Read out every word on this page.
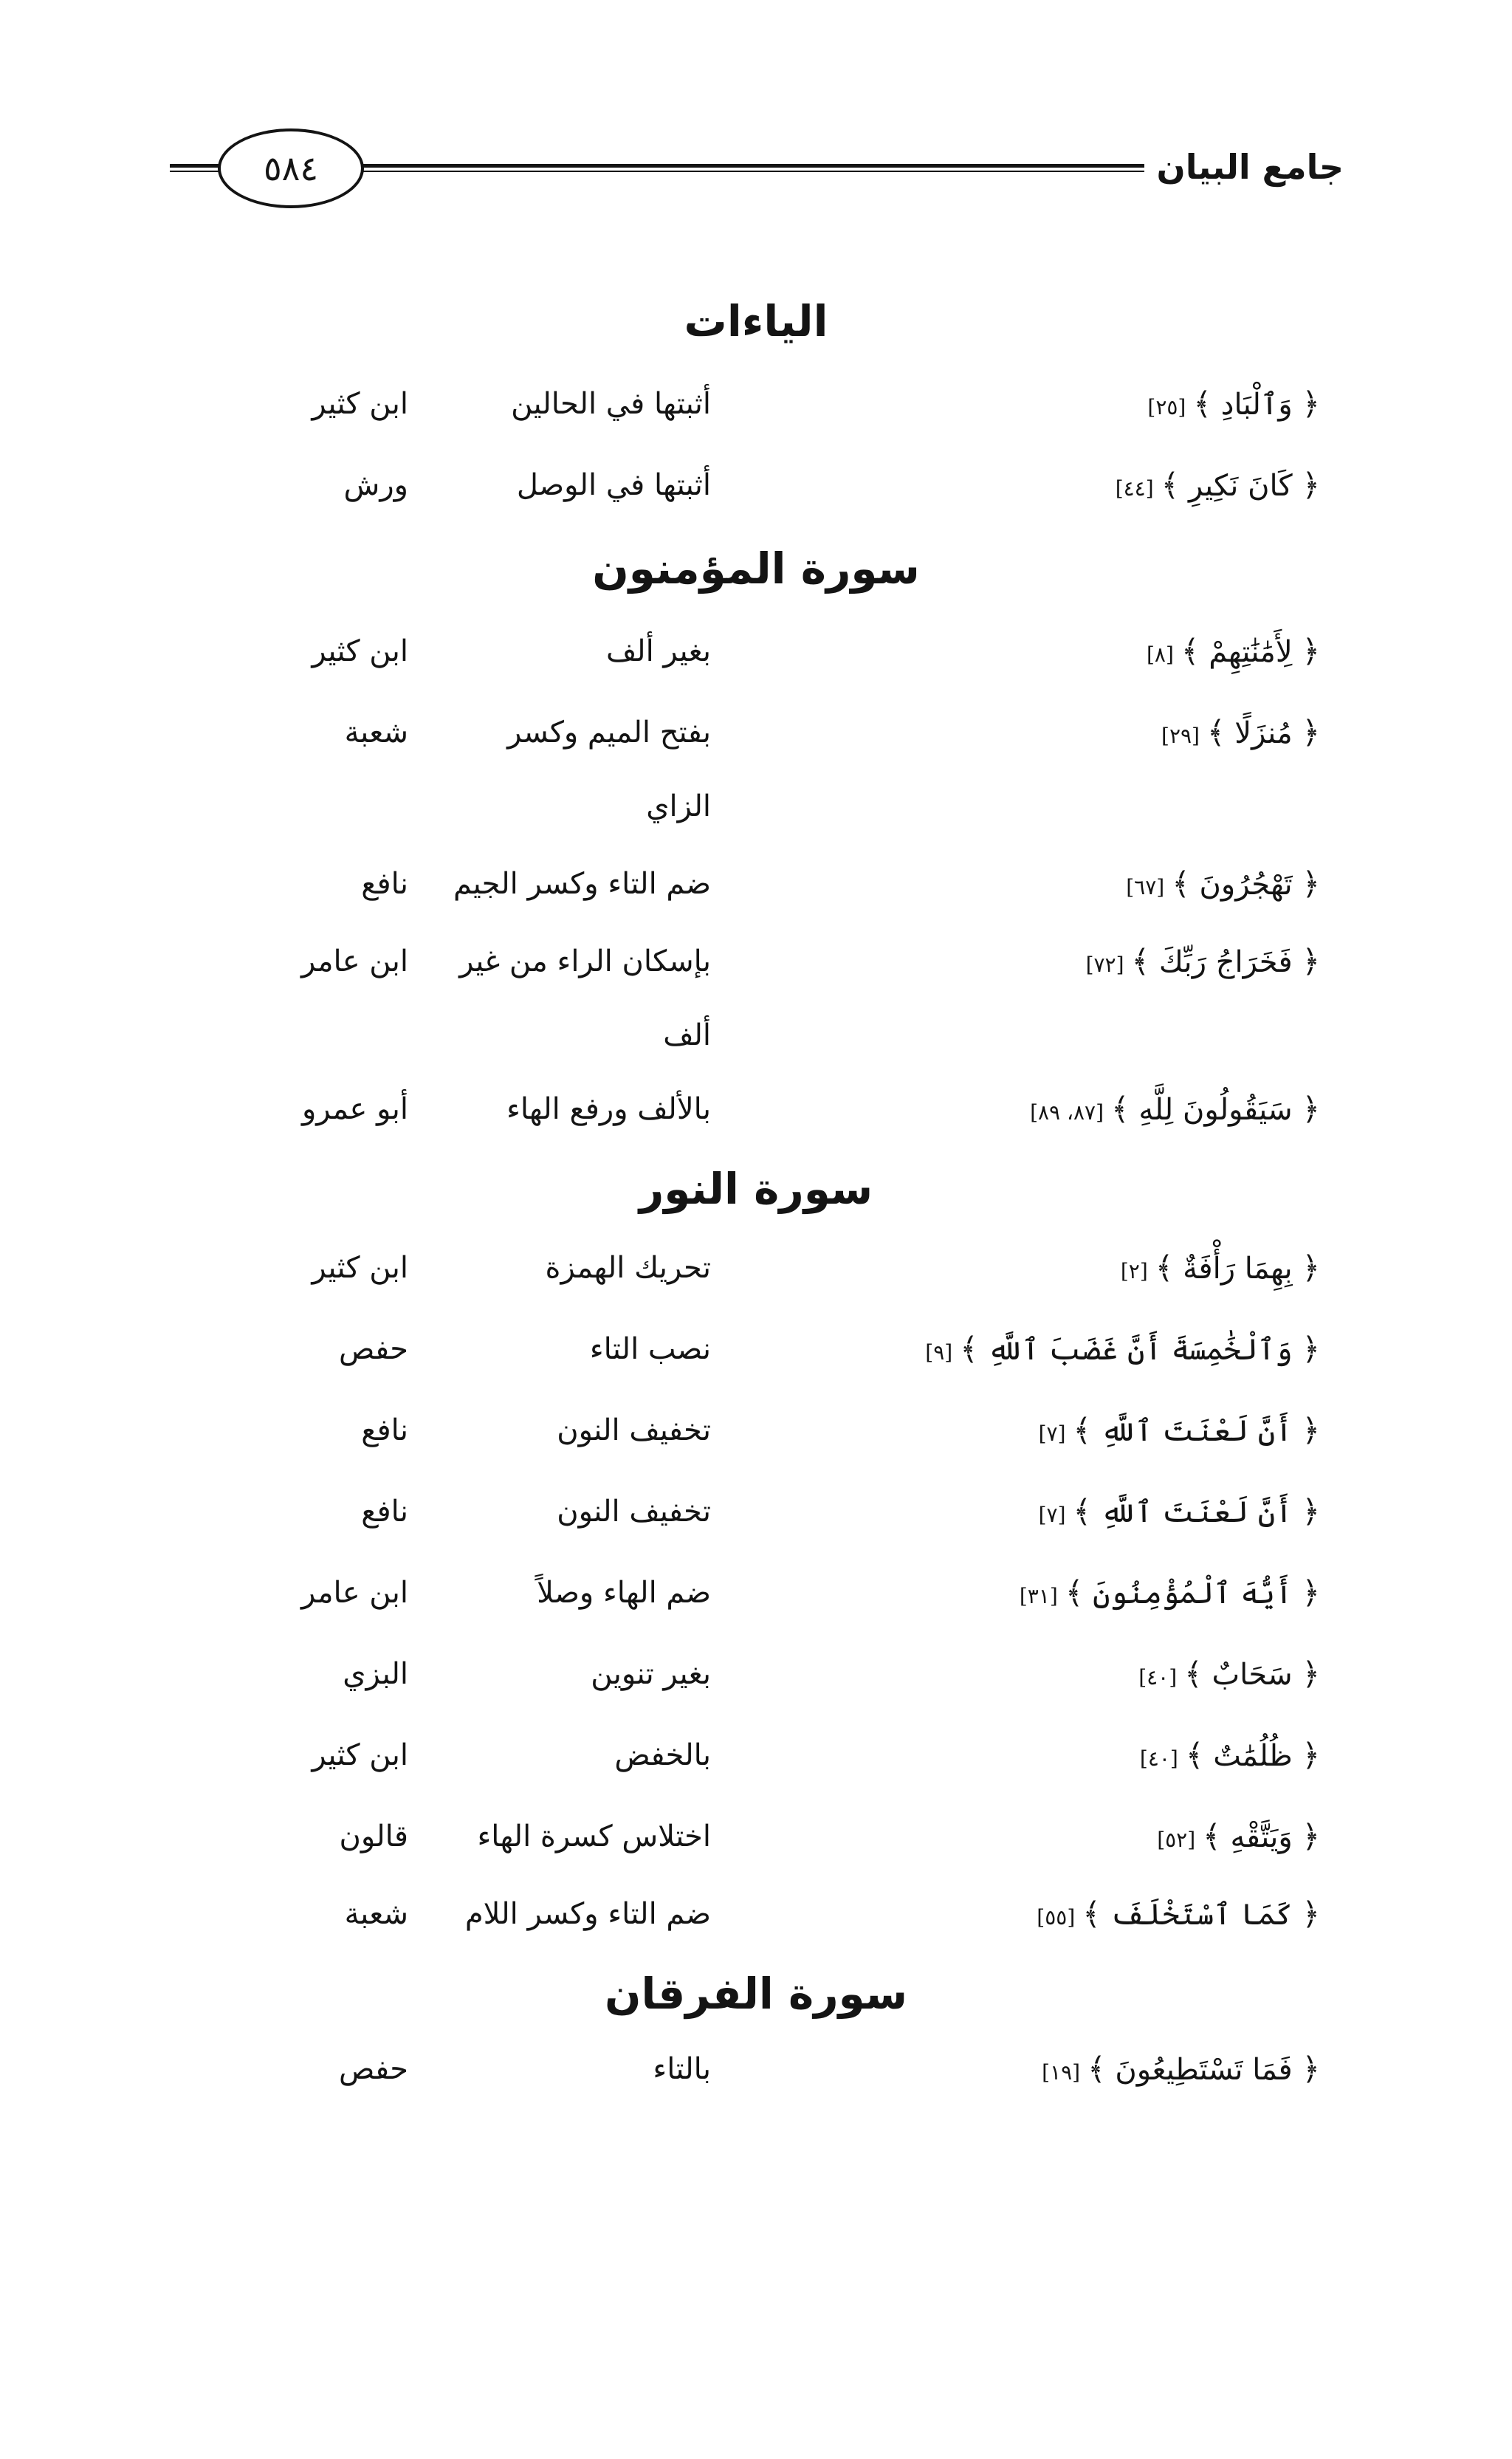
جامع البيان
٥٨٤
الياءات
﴿ وَٱلْبَادِ ﴾[٢٥]
أثبتها في الحالين
ابن كثير
﴿ كَانَ نَكِيرِ ﴾[٤٤]
أثبتها في الوصل
ورش
سورة المؤمنون
﴿ لِأَمَٰنَٰتِهِمْ ﴾[٨]
بغير ألف
ابن كثير
﴿ مُنزَلًا ﴾[٢٩]
بفتح الميم وكسر الزاي
شعبة
﴿ تَهْجُرُونَ ﴾[٦٧]
ضم التاء وكسر الجيم
نافع
﴿ فَخَرَاجُ رَبِّكَ ﴾[٧٢]
بإسكان الراء من غير ألف
ابن عامر
﴿ سَيَقُولُونَ لِلَّهِ ﴾[٨٧، ٨٩]
بالألف ورفع الهاء
أبو عمرو
سورة النور
﴿ بِهِمَا رَأْفَةٌ ﴾[٢]
تحريك الهمزة
ابن كثير
﴿ وَٱلْخَٰمِسَةَ أَنَّ غَضَبَ ٱللَّهِ ﴾[٩]
نصب التاء
حفص
﴿ أَنَّ لَعْنَتَ ٱللَّهِ ﴾[٧]
تخفيف النون
نافع
﴿ أَنَّ لَعْنَتَ ٱللَّهِ ﴾[٧]
تخفيف النون
نافع
﴿ أَيُّهَ ٱلْمُؤْمِنُونَ ﴾[٣١]
ضم الهاء وصلاً
ابن عامر
﴿ سَحَابٌ ﴾[٤٠]
بغير تنوين
البزي
﴿ ظُلُمَٰتٌ ﴾[٤٠]
بالخفض
ابن كثير
﴿ وَيَتَّقْهِ ﴾[٥٢]
اختلاس كسرة الهاء
قالون
﴿ كَمَا ٱسْتَخْلَفَ ﴾[٥٥]
ضم التاء وكسر اللام
شعبة
سورة الفرقان
﴿ فَمَا تَسْتَطِيعُونَ ﴾[١٩]
بالتاء
حفص
